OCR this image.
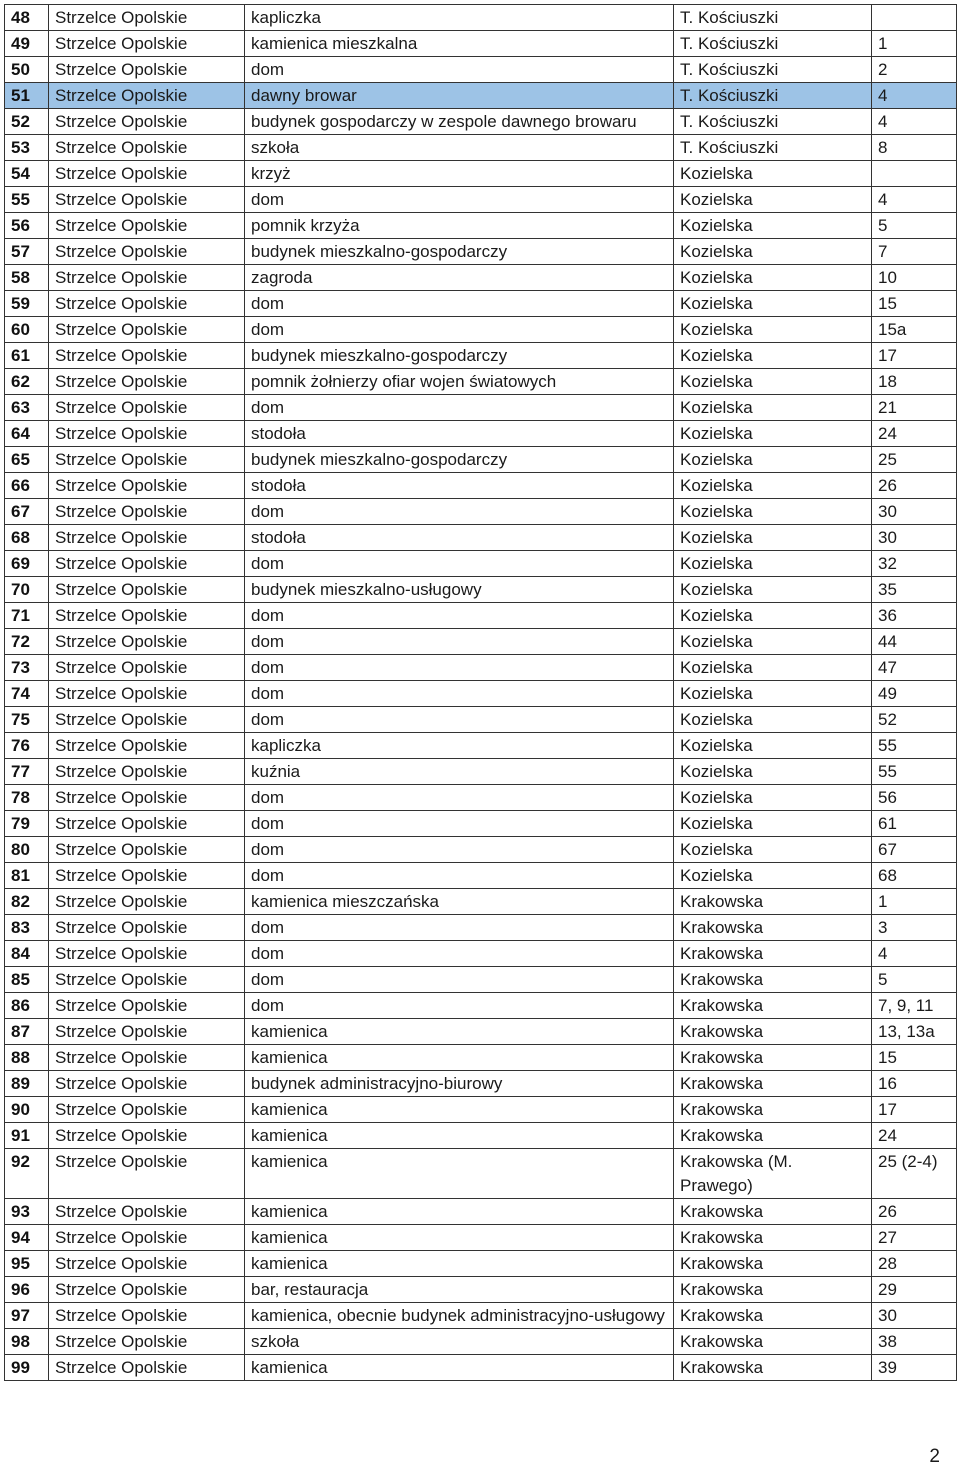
48	Strzelce Opolskie	kapliczka	T. Kościuszki	
49	Strzelce Opolskie	kamienica mieszkalna	T. Kościuszki	1
50	Strzelce Opolskie	dom	T. Kościuszki	2
51	Strzelce Opolskie	dawny browar	T. Kościuszki	4
52	Strzelce Opolskie	budynek gospodarczy w zespole dawnego browaru	T. Kościuszki	4
53	Strzelce Opolskie	szkoła	T. Kościuszki	8
54	Strzelce Opolskie	krzyż	Kozielska	
55	Strzelce Opolskie	dom	Kozielska	4
56	Strzelce Opolskie	pomnik krzyża	Kozielska	5
57	Strzelce Opolskie	budynek mieszkalno-gospodarczy	Kozielska	7
58	Strzelce Opolskie	zagroda	Kozielska	10
59	Strzelce Opolskie	dom	Kozielska	15
60	Strzelce Opolskie	dom	Kozielska	15a
61	Strzelce Opolskie	budynek mieszkalno-gospodarczy	Kozielska	17
62	Strzelce Opolskie	pomnik żołnierzy ofiar wojen światowych	Kozielska	18
63	Strzelce Opolskie	dom	Kozielska	21
64	Strzelce Opolskie	stodoła	Kozielska	24
65	Strzelce Opolskie	budynek mieszkalno-gospodarczy	Kozielska	25
66	Strzelce Opolskie	stodoła	Kozielska	26
67	Strzelce Opolskie	dom	Kozielska	30
68	Strzelce Opolskie	stodoła	Kozielska	30
69	Strzelce Opolskie	dom	Kozielska	32
70	Strzelce Opolskie	budynek mieszkalno-usługowy	Kozielska	35
71	Strzelce Opolskie	dom	Kozielska	36
72	Strzelce Opolskie	dom	Kozielska	44
73	Strzelce Opolskie	dom	Kozielska	47
74	Strzelce Opolskie	dom	Kozielska	49
75	Strzelce Opolskie	dom	Kozielska	52
76	Strzelce Opolskie	kapliczka	Kozielska	55
77	Strzelce Opolskie	kuźnia	Kozielska	55
78	Strzelce Opolskie	dom	Kozielska	56
79	Strzelce Opolskie	dom	Kozielska	61
80	Strzelce Opolskie	dom	Kozielska	67
81	Strzelce Opolskie	dom	Kozielska	68
82	Strzelce Opolskie	kamienica mieszczańska	Krakowska	1
83	Strzelce Opolskie	dom	Krakowska	3
84	Strzelce Opolskie	dom	Krakowska	4
85	Strzelce Opolskie	dom	Krakowska	5
86	Strzelce Opolskie	dom	Krakowska	7, 9, 11
87	Strzelce Opolskie	kamienica	Krakowska	13, 13a
88	Strzelce Opolskie	kamienica	Krakowska	15
89	Strzelce Opolskie	budynek administracyjno-biurowy	Krakowska	16
90	Strzelce Opolskie	kamienica	Krakowska	17
91	Strzelce Opolskie	kamienica	Krakowska	24
92	Strzelce Opolskie	kamienica	Krakowska (M. Prawego)	25 (2-4)
93	Strzelce Opolskie	kamienica	Krakowska	26
94	Strzelce Opolskie	kamienica	Krakowska	27
95	Strzelce Opolskie	kamienica	Krakowska	28
96	Strzelce Opolskie	bar, restauracja	Krakowska	29
97	Strzelce Opolskie	kamienica, obecnie budynek administracyjno-usługowy	Krakowska	30
98	Strzelce Opolskie	szkoła	Krakowska	38
99	Strzelce Opolskie	kamienica	Krakowska	39
2
